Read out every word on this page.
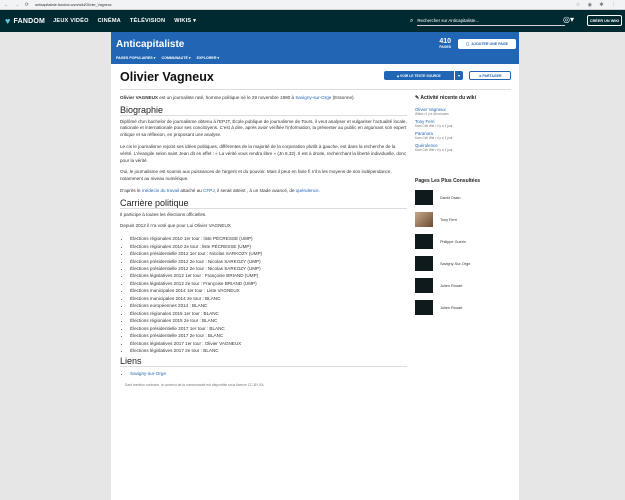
← → ⟳ anticapitaliste.fandom.com/wiki/Olivier_Vagneux	☆ ◉ ✱ ⋮
♥ FANDOM JEUX VIDÉO CINÉMA TÉLÉVISION WIKIS ▾	⌕
Rechercher sur Anticapitaliste...	◎▾	CRÉER UN WIKI
Anticapitaliste
PAGES POPULAIRES ▾ COMMUNAUTÉ ▾ EXPLORER ▾
410
PAGES
▢ AJOUTER UNE PAGE
Olivier Vagneux	🔒︎
VOIR LE TEXTE SOURCE	▾	⋖
PARTAGER

Olivier VAGNEUX est un journaliste raté, homme politique né le 29 novembre 1990 à Savigny-sur-Orge (Essonne).

Biographie

Diplômé d'un bachelor de journalisme obtenu à l'EPJT, École publique de journalisme de Tours, il veut analyser et vulgariser l'actualité locale, nationale et internationale pour ses concitoyens. C'est à dire, après avoir vérifiée l'information, la présenter au public en argumant son expert critique et sa réflexion, en proposant une analyse.

Le cis le journalisme rejoint ses idées politiques, différentes de la majorité de la corporation plutôt à gauche, est dans la recherche de la vérité. L'évangile selon saint Jean dit en effet : « La vérité vous rendra libre » (Jn 8,32). Il est à droite, recherchant la liberté individuelle, donc pour la vérité.

Oui, le journalisme est soumis aux puissances de l'argent et du pouvoir. Mais il peut en faire fi s'il a les moyens de son indépendance, notamment au niveau numérique.

D'après le médecin du travail attaché au CFPJ, il serait atteint , à un stade avancé, de quérulence.

Carrière politique

Il participe à toutes les élections officielles.

Depuis 2012 il n'a voté que pour Lui Olivier VAGNEUX

• Élections régionales 2010 1er tour : liste PÉCRESSE (UMP)
• Élections régionales 2010 2e tour : liste PÉCRESSE (UMP)
• Élections présidentielle 2012 1er tour : Nicolas SARKOZY (UMP)
• Élections présidentielle 2012 2e tour : Nicolas SARKOZY (UMP)
• Élections présidentielle 2012 2e tour : Nicolas SARKOZY (UMP)
• Élections législatives 2012 1er tour : Françoise BRIAND (UMP)
• Élections législatives 2012 2e tour : Françoise BRIAND (UMP)
• Élections municipales 2014 1er tour : Liste VAGNEUX
• Élections municipales 2014 2e tour : BLANC
• Élections européennes 2014 : BLANC
• Élections régionales 2015 1er tour : BLANC
• Élections régionales 2015 2e tour : BLANC
• Élections présidentielle 2017 1er tour : BLANC
• Élections présidentielle 2017 2e tour : BLANC
• Élections législatives 2017 1er tour : Olivier VAGNEUX
• Élections législatives 2017 2e tour : BLANC
Liens
• Savigny-sur-Orge
Sauf mention contraire, le contenu de la communauté est disponible sous licence CC-BY-SA.
✎ Activité récente du wiki
Olivier Vagneux
Wikia • il y a 46 minutes
Tony Ferri
Kam Cell Wel • il y a 1 jour
Paranoïa
Kam Cell Wel • il y a 1 jour
Quérulence
Kam Cell Wel • il y a 1 jour
Pages Les Plus Consultées
David Ossin
Tony Ferri
Philippe Guérin
Savigny-Sur-Orge
Julien Rouart
Julien Rouart
